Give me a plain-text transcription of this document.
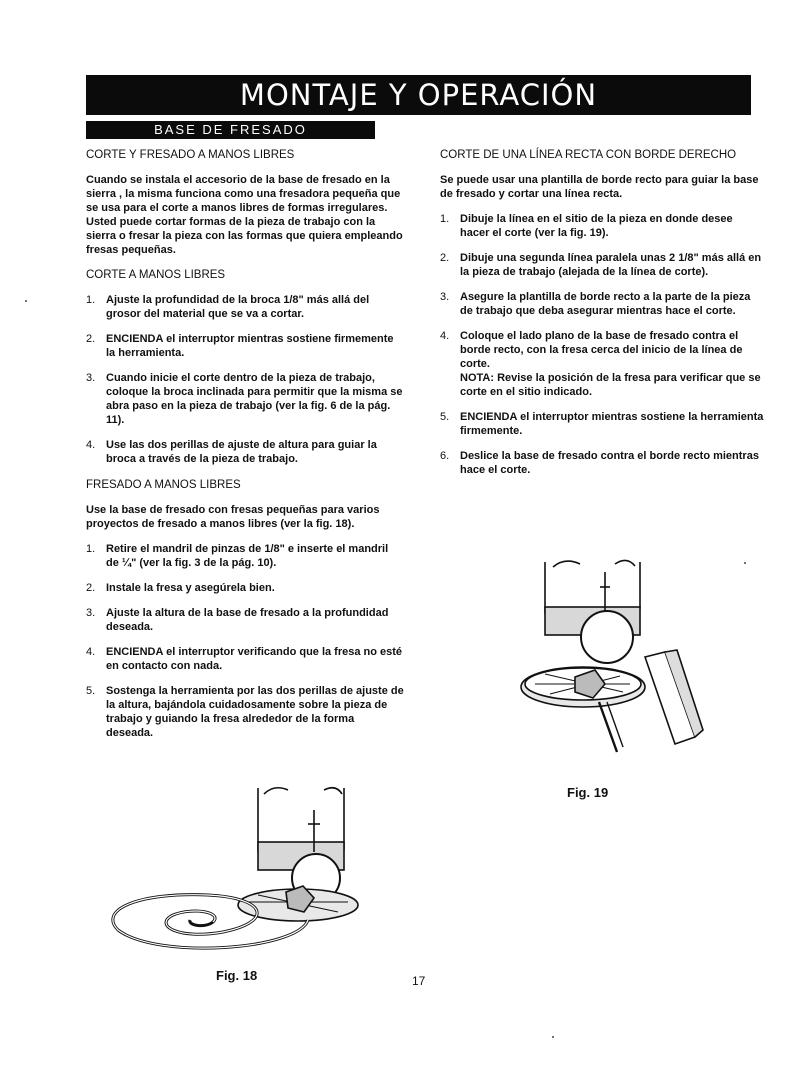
MONTAJE Y OPERACIÓN
BASE DE FRESADO
CORTE Y FRESADO A MANOS LIBRES
Cuando se instala el accesorio de la base de fresado en la sierra , la misma funciona como una fresadora pequeña que se usa para el corte a manos libres de formas irregulares. Usted puede cortar formas de la pieza de trabajo con la sierra o fresar la pieza con las formas que quiera empleando fresas pequeñas.
CORTE A MANOS LIBRES
1. Ajuste la profundidad de la broca 1/8" más allá del grosor del material que se va a cortar.
2. ENCIENDA el interruptor mientras sostiene firmemente la herramienta.
3. Cuando inicie el corte dentro de la pieza de trabajo, coloque la broca inclinada para permitir que la misma se abra paso en la pieza de trabajo (ver la fig. 6 de la pág. 11).
4. Use las dos perillas de ajuste de altura para guiar la broca a través de la pieza de trabajo.
FRESADO A MANOS LIBRES
Use la base de fresado con fresas pequeñas para varios proyectos de fresado a manos libres (ver la fig. 18).
1. Retire el mandril de pinzas de 1/8" e inserte el mandril de ¼" (ver la fig. 3 de la pág. 10).
2. Instale la fresa y asegúrela bien.
3. Ajuste la altura de la base de fresado a la profundidad deseada.
4. ENCIENDA el interruptor verificando que la fresa no esté en contacto con nada.
5. Sostenga la herramienta por las dos perillas de ajuste de la altura, bajándola cuidadosamente sobre la pieza de trabajo y guiando la fresa alrededor de la forma deseada.
CORTE DE UNA LÍNEA RECTA CON BORDE DERECHO
Se puede usar una plantilla de borde recto para guiar la base de fresado y cortar una línea recta.
1. Dibuje la línea en el sitio de la pieza en donde desee hacer el corte (ver la fig. 19).
2. Dibuje una segunda línea paralela unas 2 1/8" más allá en la pieza de trabajo (alejada de la línea de corte).
3. Asegure la plantilla de borde recto a la parte de la pieza de trabajo que deba asegurar mientras hace el corte.
4. Coloque el lado plano de la base de fresado contra el borde recto, con la fresa cerca del inicio de la línea de corte.
NOTA: Revise la posición de la fresa para verificar que se corte en el sitio indicado.
5. ENCIENDA el interruptor mientras sostiene la herramienta firmemente.
6. Deslice la base de fresado contra el borde recto mientras hace el corte.
Fig. 19
Fig. 18	17
